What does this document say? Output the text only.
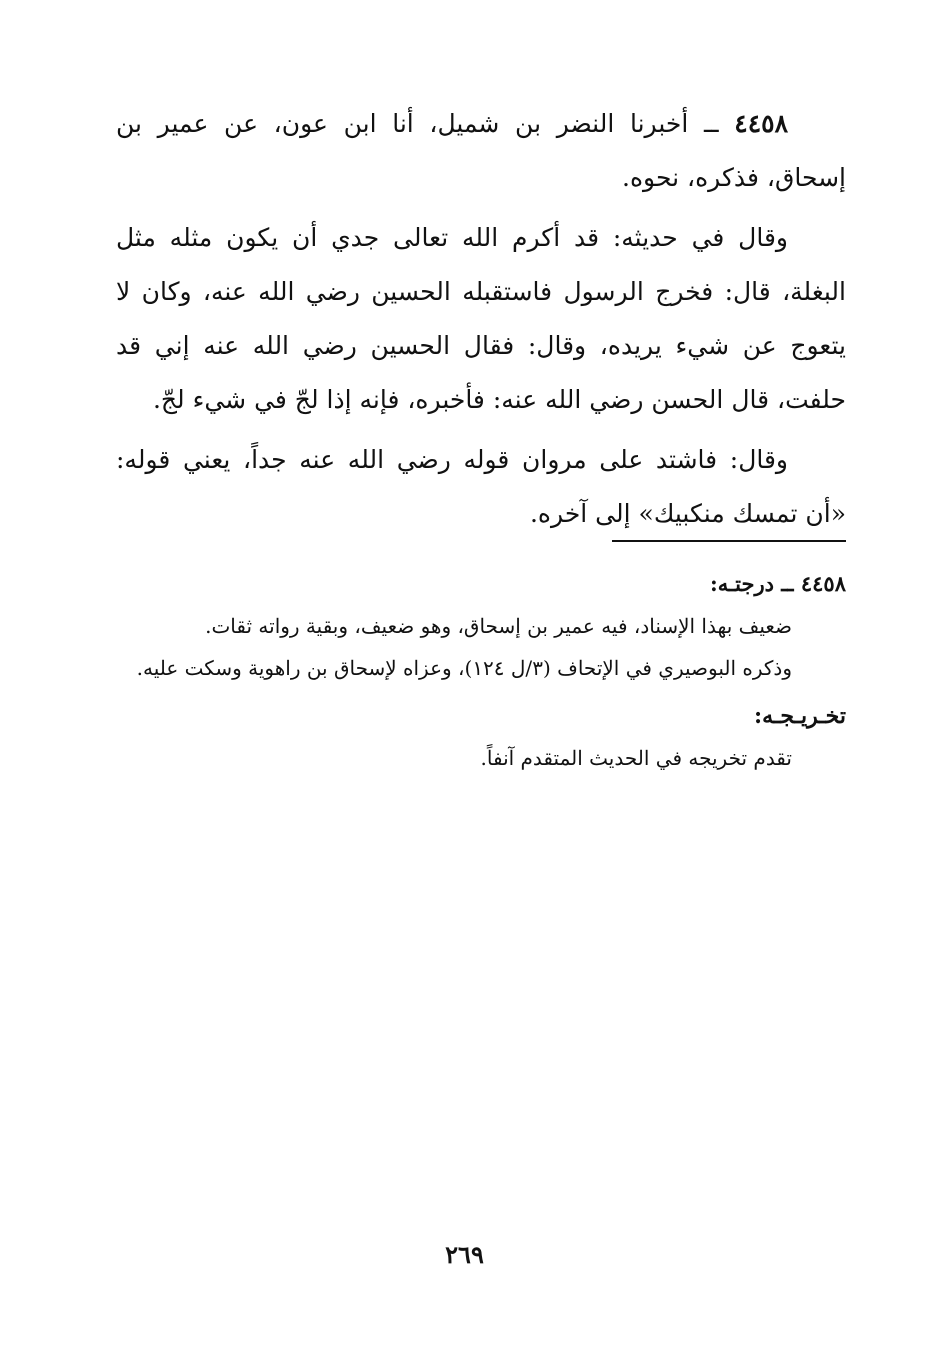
٤٤٥٨ ــ أخبرنا النضر بن شميل، أنا ابن عون، عن عمير بن إسحاق، فذكره، نحوه.

وقال في حديثه: قد أكرم الله تعالى جدي أن يكون مثله مثل البغلة، قال: فخرج الرسول فاستقبله الحسين رضي الله عنه، وكان لا يتعوج عن شيء يريده، وقال: فقال الحسين رضي الله عنه إني قد حلفت، قال الحسن رضي الله عنه: فأخبره، فإنه إذا لجّ في شيء لجّ.

وقال: فاشتد على مروان قوله رضي الله عنه جداً، يعني قوله: «أن تمسك منكبيك» إلى آخره.

٤٤٥٨ ــ درجتـه:

ضعيف بهذا الإسناد، فيه عمير بن إسحاق، وهو ضعيف، وبقية رواته ثقات.

وذكره البوصيري في الإتحاف (٣/ل ١٢٤)، وعزاه لإسحاق بن راهوية وسكت عليه.

تخـريـجـه:

تقدم تخريجه في الحديث المتقدم آنفاً.

٢٦٩
